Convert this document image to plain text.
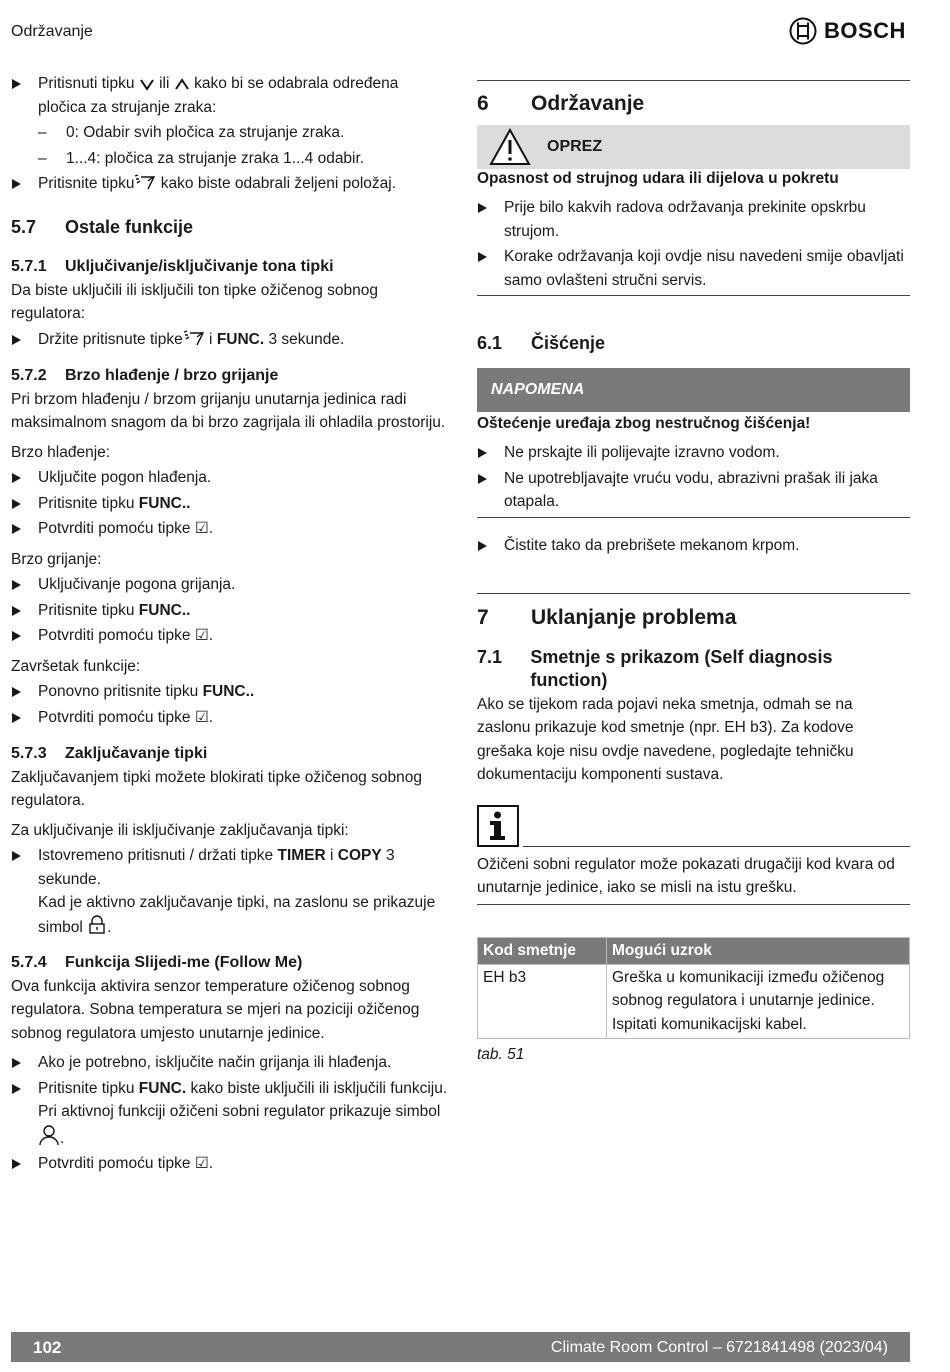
Održavanje	BOSCH
Pritisnuti tipku ili kako bi se odabrala određena
pločica za strujanje zraka:
– 0: Odabir svih pločica za strujanje zraka.
– 1...4: pločica za strujanje zraka 1...4 odabir.
Pritisnite tipku kako biste odabrali željeni položaj.
5.7	Ostale funkcije
5.7.1	Uključivanje/isključivanje tona tipki

Da biste uključili ili isključili ton tipke ožičenog sobnog regulatora:

Držite pritisnute tipke i FUNC. 3 sekunde.
5.7.2	Brzo hlađenje / brzo grijanje

Pri brzom hlađenju / brzom grijanju unutarnja jedinica radi maksimalnom snagom da bi brzo zagrijala ili ohladila prostoriju.

Brzo hlađenje:

Uključite pogon hlađenja.
Pritisnite tipku FUNC..
Potvrditi pomoću tipke ☑.

Brzo grijanje:

Uključivanje pogona grijanja.
Pritisnite tipku FUNC..
Potvrditi pomoću tipke ☑.

Završetak funkcije:

Ponovno pritisnite tipku FUNC..
Potvrditi pomoću tipke ☑.
5.7.3	Zaključavanje tipki

Zaključavanjem tipki možete blokirati tipke ožičenog sobnog regulatora.

Za uključivanje ili isključivanje zaključavanja tipki:

Istovremeno pritisnuti / držati tipke TIMER i COPY 3 sekunde.
Kad je aktivno zaključavanje tipki, na zaslonu se prikazuje simbol .
5.7.4	Funkcija Slijedi-me (Follow Me)

Ova funkcija aktivira senzor temperature ožičenog sobnog regulatora. Sobna temperatura se mjeri na poziciji ožičenog sobnog regulatora umjesto unutarnje jedinice.

Ako je potrebno, isključite način grijanja ili hlađenja.
Pritisnite tipku FUNC. kako biste uključili ili isključili funkciju.
Pri aktivnoj funkciji ožičeni sobni regulator prikazuje simbol
.
Potvrditi pomoću tipke ☑.
6	Održavanje
OPREZ

Opasnost od strujnog udara ili dijelova u pokretu

Prije bilo kakvih radova održavanja prekinite opskrbu strujom.
Korake održavanja koji ovdje nisu navedeni smije obavljati samo ovlašteni stručni servis.
6.1	Čišćenje
NAPOMENA

Oštećenje uređaja zbog nestručnog čišćenja!

Ne prskajte ili polijevajte izravno vodom.
Ne upotrebljavajte vruću vodu, abrazivni prašak ili jaka otapala.
Čistite tako da prebrišete mekanom krpom.
7	Uklanjanje problema
7.1	Smetnje s prikazom (Self diagnosis function)

Ako se tijekom rada pojavi neka smetnja, odmah se na zaslonu prikazuje kod smetnje (npr. EH b3). Za kodove grešaka koje nisu ovdje navedene, pogledajte tehničku dokumentaciju komponenti sustava.

Ožičeni sobni regulator može pokazati drugačiji kod kvara od unutarnje jedinice, iako se misli na istu grešku.

Kod smetnje	Mogući uzrok
EH b3	Greška u komunikaciji između ožičenog sobnog regulatora i unutarnje jedinice. Ispitati komunikacijski kabel.

tab. 51

102	Climate Room Control – 6721841498 (2023/04)
